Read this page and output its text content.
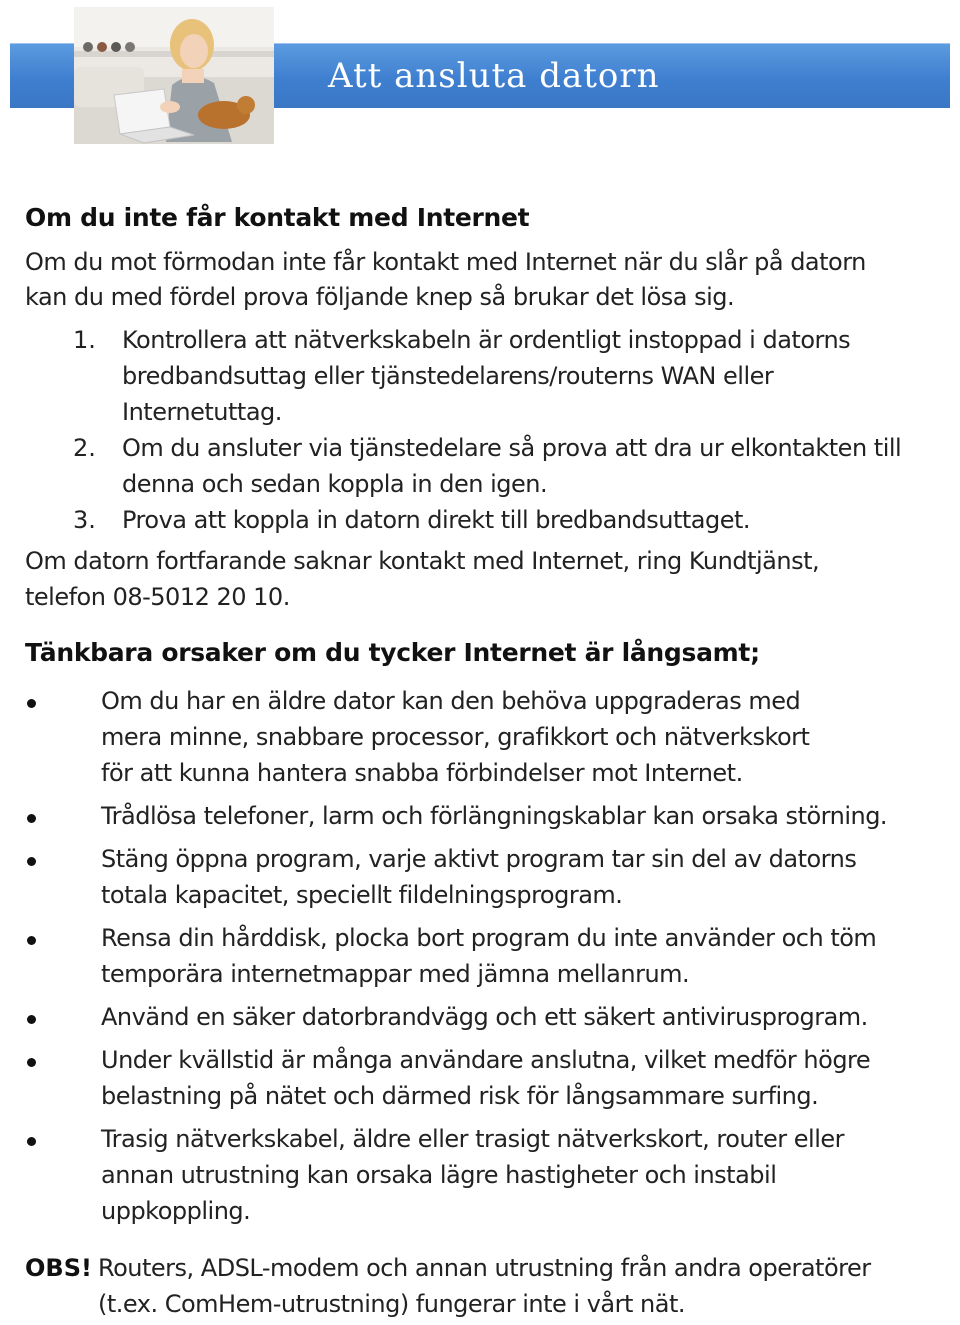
Att ansluta datorn
Om du inte får kontakt med Internet
Om du mot förmodan inte får kontakt med Internet när du slår på datorn
kan du med fördel prova följande knep så brukar det lösa sig.
1. Kontrollera att nätverkskabeln är ordentligt instoppad i datorns
bredbandsuttag eller tjänstedelarens/routerns WAN eller
Internetuttag.
2. Om du ansluter via tjänstedelare så prova att dra ur elkontakten till
denna och sedan koppla in den igen.
3. Prova att koppla in datorn direkt till bredbandsuttaget.
Om datorn fortfarande saknar kontakt med Internet, ring Kundtjänst,
telefon 08-5012 20 10.
Tänkbara orsaker om du tycker Internet är långsamt;
Om du har en äldre dator kan den behöva uppgraderas med
mera minne, snabbare processor, grafikkort och nätverkskort
för att kunna hantera snabba förbindelser mot Internet.
Trådlösa telefoner, larm och förlängningskablar kan orsaka störning.
Stäng öppna program, varje aktivt program tar sin del av datorns
totala kapacitet, speciellt fildelningsprogram.
Rensa din hårddisk, plocka bort program du inte använder och töm
temporära internetmappar med jämna mellanrum.
Använd en säker datorbrandvägg och ett säkert antivirusprogram.
Under kvällstid är många användare anslutna, vilket medför högre
belastning på nätet och därmed risk för långsammare surfing.
Trasig nätverkskabel, äldre eller trasigt nätverkskort, router eller
annan utrustning kan orsaka lägre hastigheter och instabil
uppkoppling.
OBS! Routers, ADSL-modem och annan utrustning från andra operatörer
(t.ex. ComHem-utrustning) fungerar inte i vårt nät.
